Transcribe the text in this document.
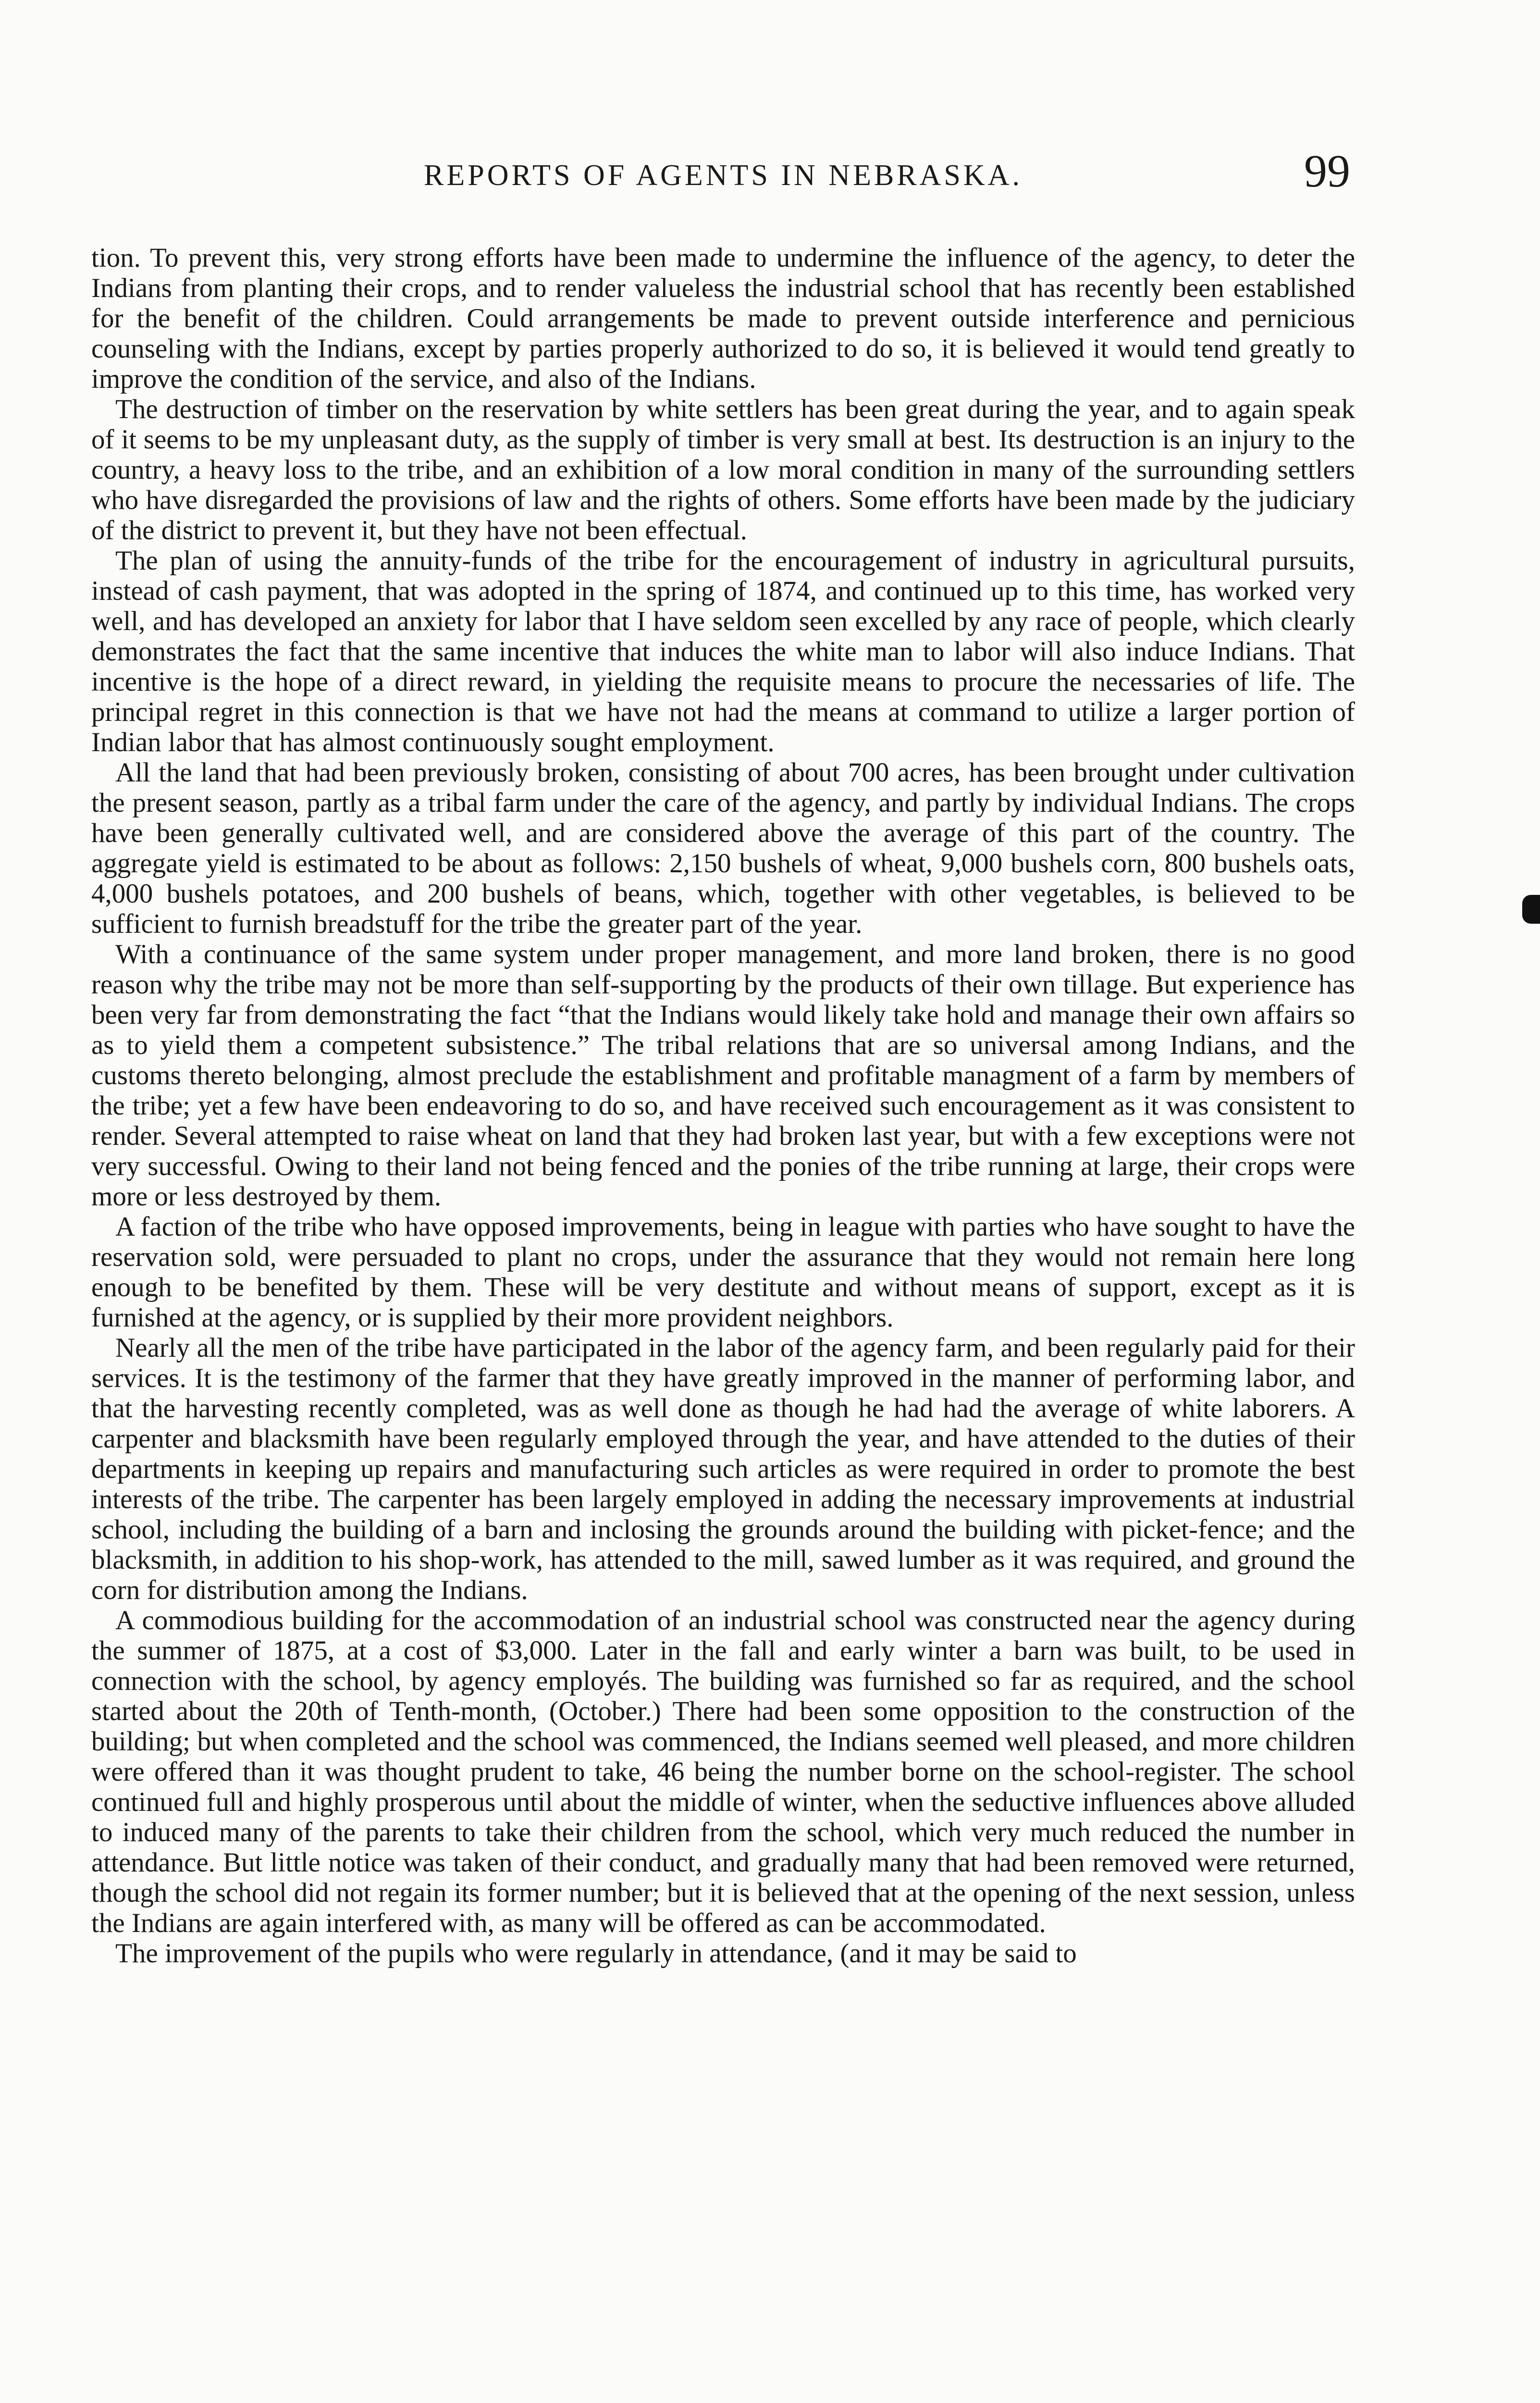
REPORTS OF AGENTS IN NEBRASKA.	99

tion. To prevent this, very strong efforts have been made to undermine the influence of the agency, to deter the Indians from planting their crops, and to render valueless the industrial school that has recently been established for the benefit of the children. Could arrangements be made to prevent outside interference and pernicious counseling with the Indians, except by parties properly authorized to do so, it is believed it would tend greatly to improve the condition of the service, and also of the Indians.

The destruction of timber on the reservation by white settlers has been great during the year, and to again speak of it seems to be my unpleasant duty, as the supply of timber is very small at best. Its destruction is an injury to the country, a heavy loss to the tribe, and an exhibition of a low moral condition in many of the surrounding settlers who have disregarded the provisions of law and the rights of others. Some efforts have been made by the judiciary of the district to prevent it, but they have not been effectual.

The plan of using the annuity-funds of the tribe for the encouragement of industry in agricultural pursuits, instead of cash payment, that was adopted in the spring of 1874, and continued up to this time, has worked very well, and has developed an anxiety for labor that I have seldom seen excelled by any race of people, which clearly demonstrates the fact that the same incentive that induces the white man to labor will also induce Indians. That incentive is the hope of a direct reward, in yielding the requisite means to procure the necessaries of life. The principal regret in this connection is that we have not had the means at command to utilize a larger portion of Indian labor that has almost continuously sought employment.

All the land that had been previously broken, consisting of about 700 acres, has been brought under cultivation the present season, partly as a tribal farm under the care of the agency, and partly by individual Indians. The crops have been generally cultivated well, and are considered above the average of this part of the country. The aggregate yield is estimated to be about as follows: 2,150 bushels of wheat, 9,000 bushels corn, 800 bushels oats, 4,000 bushels potatoes, and 200 bushels of beans, which, together with other vegetables, is believed to be sufficient to furnish breadstuff for the tribe the greater part of the year.

With a continuance of the same system under proper management, and more land broken, there is no good reason why the tribe may not be more than self-supporting by the products of their own tillage. But experience has been very far from demonstrating the fact “that the Indians would likely take hold and manage their own affairs so as to yield them a competent subsistence.” The tribal relations that are so universal among Indians, and the customs thereto belonging, almost preclude the establishment and profitable managment of a farm by members of the tribe; yet a few have been endeavoring to do so, and have received such encouragement as it was consistent to render. Several attempted to raise wheat on land that they had broken last year, but with a few exceptions were not very successful. Owing to their land not being fenced and the ponies of the tribe running at large, their crops were more or less destroyed by them.

A faction of the tribe who have opposed improvements, being in league with parties who have sought to have the reservation sold, were persuaded to plant no crops, under the assurance that they would not remain here long enough to be benefited by them. These will be very destitute and without means of support, except as it is furnished at the agency, or is supplied by their more provident neighbors.

Nearly all the men of the tribe have participated in the labor of the agency farm, and been regularly paid for their services. It is the testimony of the farmer that they have greatly improved in the manner of performing labor, and that the harvesting recently completed, was as well done as though he had had the average of white laborers. A carpenter and blacksmith have been regularly employed through the year, and have attended to the duties of their departments in keeping up repairs and manufacturing such articles as were required in order to promote the best interests of the tribe. The carpenter has been largely employed in adding the necessary improvements at industrial school, including the building of a barn and inclosing the grounds around the building with picket-fence; and the blacksmith, in addition to his shop-work, has attended to the mill, sawed lumber as it was required, and ground the corn for distribution among the Indians.

A commodious building for the accommodation of an industrial school was constructed near the agency during the summer of 1875, at a cost of $3,000. Later in the fall and early winter a barn was built, to be used in connection with the school, by agency employés. The building was furnished so far as required, and the school started about the 20th of Tenth-month, (October.) There had been some opposition to the construction of the building; but when completed and the school was commenced, the Indians seemed well pleased, and more children were offered than it was thought prudent to take, 46 being the number borne on the school-register. The school continued full and highly prosperous until about the middle of winter, when the seductive influences above alluded to induced many of the parents to take their children from the school, which very much reduced the number in attendance. But little notice was taken of their conduct, and gradually many that had been removed were returned, though the school did not regain its former number; but it is believed that at the opening of the next session, unless the Indians are again interfered with, as many will be offered as can be accommodated.

The improvement of the pupils who were regularly in attendance, (and it may be said to
